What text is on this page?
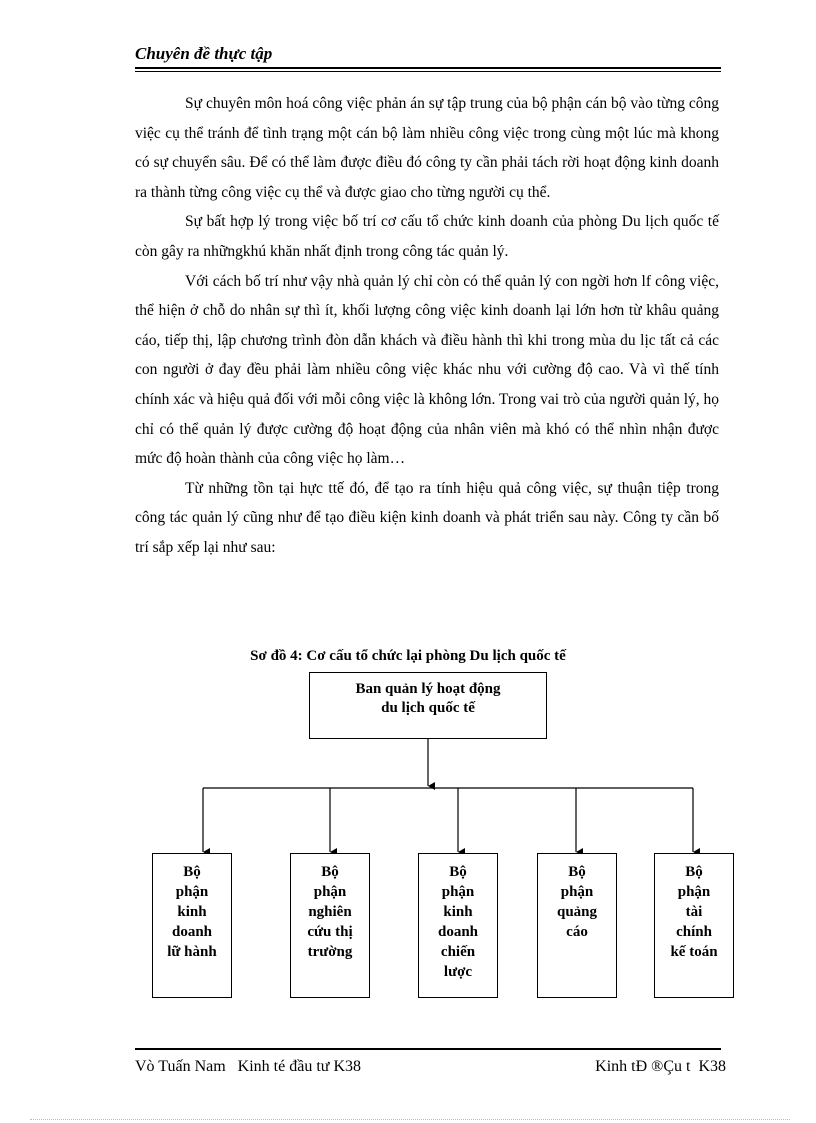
Chuyên đề thực tập

Sự chuyên môn hoá công việc phản án sự tập trung của bộ phận cán bộ vào từng công việc cụ thể tránh để tình trạng một cán bộ làm nhiều công việc trong cùng một lúc mà khong có sự chuyển sâu. Để có thể làm được điều đó công ty cần phải tách rời hoạt động kinh doanh ra thành từng công việc cụ thể và được giao cho từng người cụ thể.

Sự bất hợp lý trong việc bố trí cơ cấu tổ chức kinh doanh của phòng Du lịch quốc tế còn gây ra nhữngkhú khăn nhất định trong công tác quản lý.

Với cách bố trí như vậy nhà quản lý chỉ còn có thể quản lý con ngời hơn lf công việc, thể hiện ở chỗ do nhân sự thì ít, khối lượng công việc kinh doanh lại lớn hơn từ khâu quảng cáo, tiếp thị, lập chương trình đòn dẫn khách và điều hành thì khi trong mùa du lịc tất cả các con người ở đay đều phải làm nhiều công việc khác nhu với cường độ cao. Và vì thế tính chính xác và hiệu quả đối với mỗi công việc là không lớn. Trong vai trò của người quản lý, họ chỉ có thể quản lý được cường độ hoạt động của nhân viên mà khó có thể nhìn nhận được mức độ hoàn thành của công việc họ làm…

Từ những tồn tại hực ttế đó, để tạo ra tính hiệu quả công việc, sự thuận tiệp trong công tác quản lý cũng như để tạo điều kiện kinh doanh và phát triển sau này. Công ty cần bố trí sắp xếp lại như sau:

Sơ đồ 4: Cơ cấu tổ chức lại phòng Du lịch quốc tế
Ban quản lý hoạt động
du lịch quốc tế
Bộ
phận
kinh
doanh
lữ hành
Bộ
phận
nghiên
cứu thị
trường
Bộ
phận
kinh
doanh
chiến
lược
Bộ
phận
quảng
cáo
Bộ
phận
tài
chính
kế toán
Vò Tuấn Nam   Kinh té đầu tư K38	Kinh tÐ ®Çu t  K38
